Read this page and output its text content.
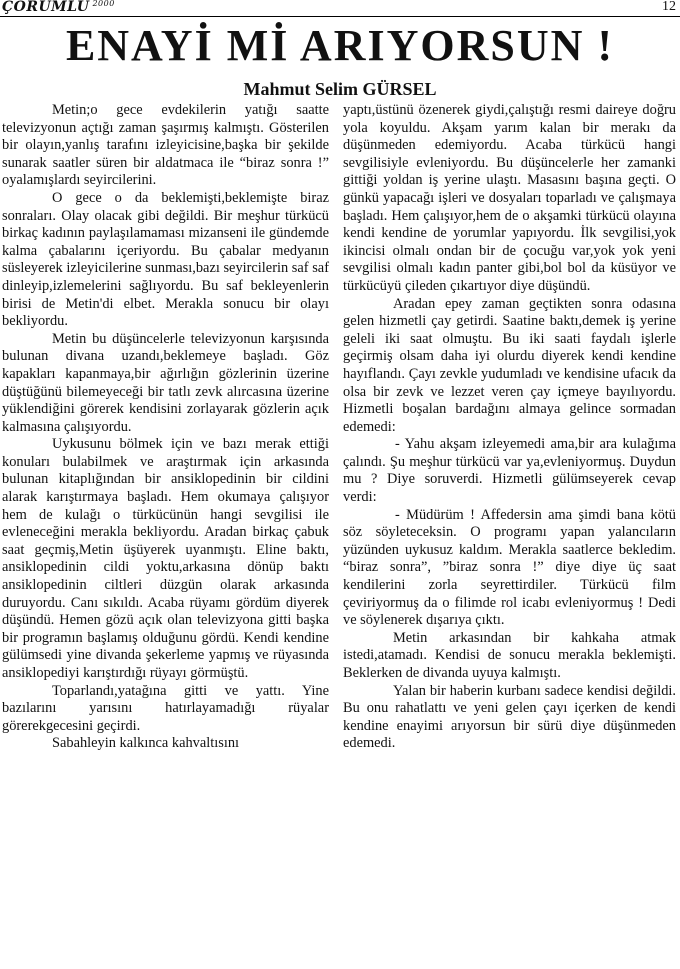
ÇORUMLU $^{2000}$	12
ENAYİ Mİ ARIYORSUN !
Mahmut Selim GÜRSEL

Metin;o gece evdekilerin yatığı saatte televizyonun açtığı zaman şaşırmış kalmıştı. Gösterilen bir olayın,yanlış tarafını izleyicisine,başka bir şekilde sunarak saatler süren bir aldatmaca ile “biraz sonra !” oyalamışlardı seyircilerini.

O gece o da beklemişti,beklemişte biraz sonraları. Olay olacak gibi değildi. Bir meşhur türkücü birkaç kadının paylaşılamaması mizanseni ile gündemde kalma çabalarını içeriyordu. Bu çabalar medyanın süsleyerek izleyicilerine sunması,bazı seyircilerin saf saf dinleyip,izlemelerini sağlıyordu. Bu saf bekleyenlerin birisi de Metin'di elbet. Merakla sonucu bir olayı bekliyordu.

Metin bu düşüncelerle televizyonun karşısında bulunan divana uzandı,beklemeye başladı. Göz kapakları kapanmaya,bir ağırlığın gözlerinin üzerine düştüğünü bilemeyeceği bir tatlı zevk alırcasına üzerine yüklendiğini görerek kendisini zorlayarak gözlerin açık kalmasına çalışıyordu.

Uykusunu bölmek için ve bazı merak ettiği konuları bulabilmek ve araştırmak için arkasında bulunan kitaplığından bir ansiklopedinin bir cildini alarak karıştırmaya başladı. Hem okumaya çalışıyor hem de kulağı o türkücünün hangi sevgilisi ile evleneceğini merakla bekliyordu. Aradan birkaç çabuk saat geçmiş,Metin üşüyerek uyanmıştı. Eline baktı, ansiklopedinin cildi yoktu,arkasına dönüp baktı ansiklopedinin ciltleri düzgün olarak arkasında duruyordu. Canı sıkıldı. Acaba rüyamı gördüm diyerek düşündü. Hemen gözü açık olan televizyona gitti başka bir programın başlamış olduğunu gördü. Kendi kendine gülümsedi yine divanda şekerleme yapmış ve rüyasında ansiklopediyi karıştırdığı rüyayı görmüştü.

Toparlandı,yatağına gitti ve yattı. Yine bazılarını yarısını hatırlayamadığı rüyalar görerekgecesini geçirdi.

Sabahleyin kalkınca kahvaltısını

yaptı,üstünü özenerek giydi,çalıştığı resmi daireye doğru yola koyuldu. Akşam yarım kalan bir merakı da düşünmeden edemiyordu. Acaba türkücü hangi sevgilisiyle evleniyordu. Bu düşüncelerle her zamanki gittiği yoldan iş yerine ulaştı. Masasını başına geçti. O günkü yapacağı işleri ve dosyaları toparladı ve çalışmaya başladı. Hem çalışıyor,hem de o akşamki türkücü olayına kendi kendine de yorumlar yapıyordu. İlk sevgilisi,yok ikincisi olmalı ondan bir de çocuğu var,yok yok yeni sevgilisi olmalı kadın panter gibi,bol bol da küsüyor ve türkücüyü çileden çıkartıyor diye düşündü.

Aradan epey zaman geçtikten sonra odasına gelen hizmetli çay getirdi. Saatine baktı,demek iş yerine geleli iki saat olmuştu. Bu iki saati faydalı işlerle geçirmiş olsam daha iyi olurdu diyerek kendi kendine hayıflandı. Çayı zevkle yudumladı ve kendisine ufacık da olsa bir zevk ve lezzet veren çay içmeye bayılıyordu. Hizmetli boşalan bardağını almaya gelince sormadan edemedi:

- Yahu akşam izleyemedi ama,bir ara kulağıma çalındı. Şu meşhur türkücü var ya,evleniyormuş. Duydun mu ? Diye soruverdi. Hizmetli gülümseyerek cevap verdi:

- Müdürüm ! Affedersin ama şimdi bana kötü söz söyleteceksin. O programı yapan yalancıların yüzünden uykusuz kaldım. Merakla saatlerce bekledim. “biraz sonra”, ”biraz sonra !” diye diye üç saat kendilerini zorla seyrettirdiler. Türkücü film çeviriyormuş da o filimde rol icabı evleniyormuş ! Dedi ve söylenerek dışarıya çıktı.

Metin arkasından bir kahkaha atmak istedi,atamadı. Kendisi de sonucu merakla beklemişti. Beklerken de divanda uyuya kalmıştı.

Yalan bir haberin kurbanı sadece kendisi değildi. Bu onu rahatlattı ve yeni gelen çayı içerken de kendi kendine enayimi arıyorsun bir sürü diye düşünmeden edemedi.
